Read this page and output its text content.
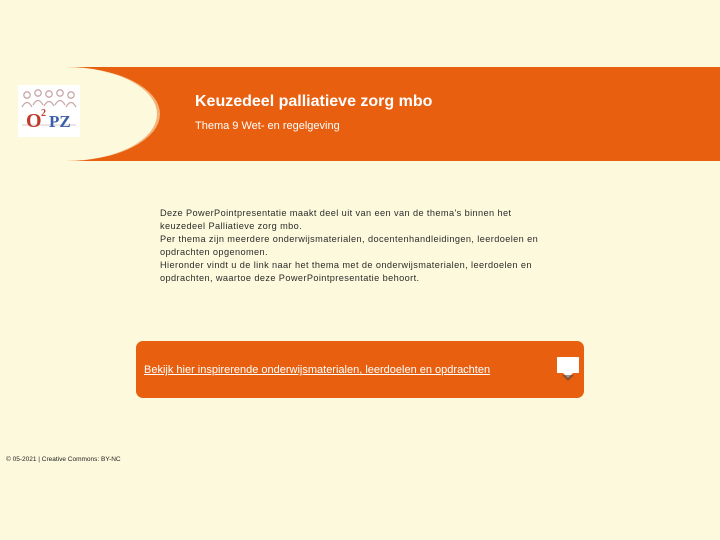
O 2 PZ
Keuzedeel palliatieve zorg mbo
Thema 9 Wet- en regelgeving
Deze PowerPointpresentatie maakt deel uit van een van de thema's binnen het
keuzedeel Palliatieve zorg mbo.
Per thema zijn meerdere onderwijsmaterialen, docentenhandleidingen, leerdoelen en
opdrachten opgenomen.
Hieronder vindt u de link naar het thema met de onderwijsmaterialen, leerdoelen en
opdrachten, waartoe deze PowerPointpresentatie behoort.
Bekijk hier inspirerende onderwijsmaterialen, leerdoelen en opdrachten
© 05-2021 | Creative Commons: BY-NC
